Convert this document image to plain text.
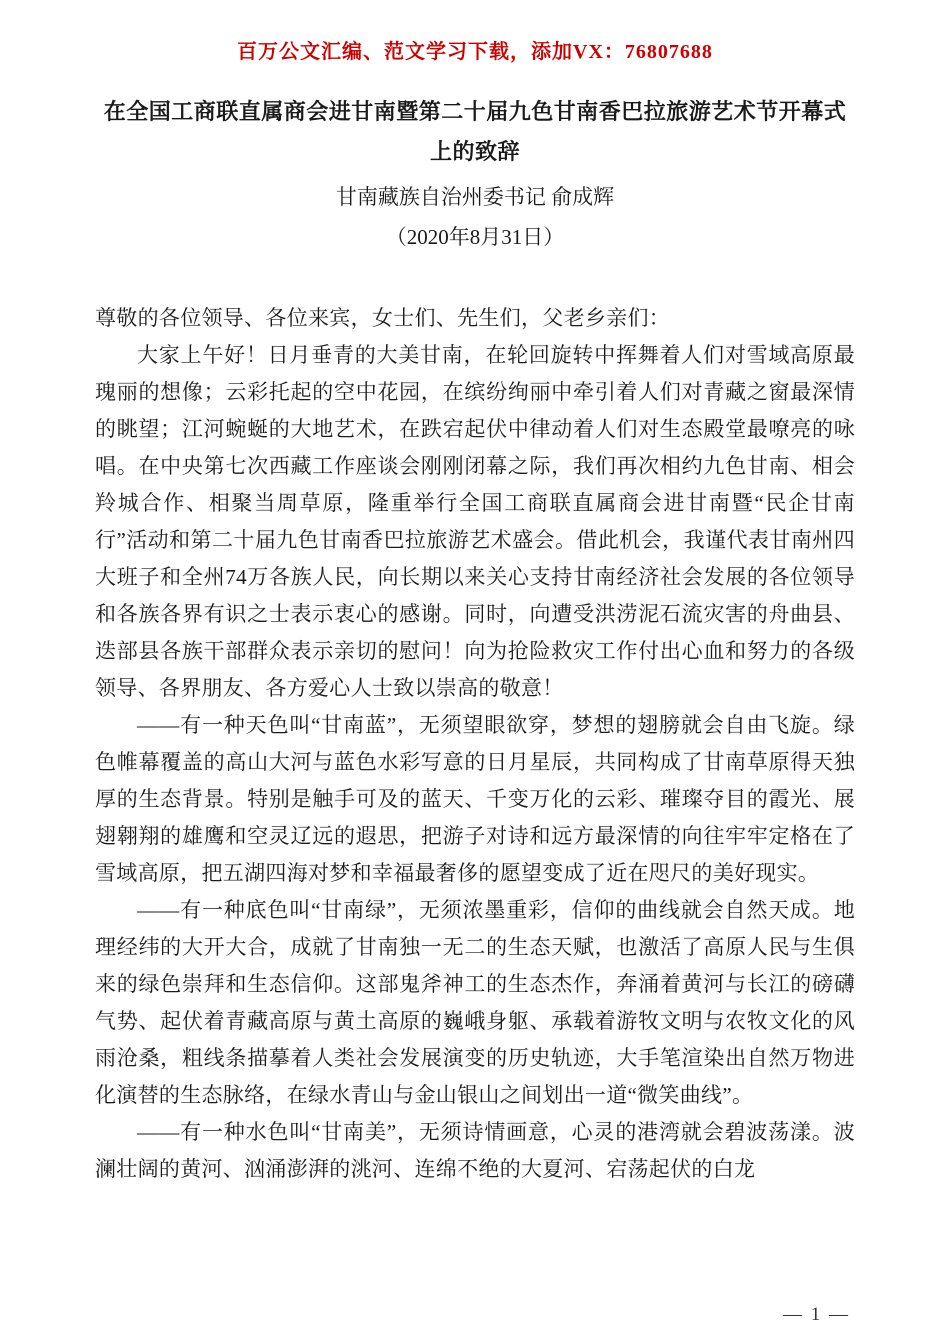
百万公文汇编、范文学习下载，添加VX：76807688
在全国工商联直属商会进甘南暨第二十届九色甘南香巴拉旅游艺术节开幕式上的致辞
甘南藏族自治州委书记 俞成辉
（2020年8月31日）

尊敬的各位领导、各位来宾，女士们、先生们，父老乡亲们：

大家上午好！日月垂青的大美甘南，在轮回旋转中挥舞着人们对雪域高原最瑰丽的想像；云彩托起的空中花园，在缤纷绚丽中牵引着人们对青藏之窗最深情的眺望；江河蜿蜒的大地艺术，在跌宕起伏中律动着人们对生态殿堂最嘹亮的咏唱。在中央第七次西藏工作座谈会刚刚闭幕之际，我们再次相约九色甘南、相会羚城合作、相聚当周草原，隆重举行全国工商联直属商会进甘南暨“民企甘南行”活动和第二十届九色甘南香巴拉旅游艺术盛会。借此机会，我谨代表甘南州四大班子和全州74万各族人民，向长期以来关心支持甘南经济社会发展的各位领导和各族各界有识之士表示衷心的感谢。同时，向遭受洪涝泥石流灾害的舟曲县、迭部县各族干部群众表示亲切的慰问！向为抢险救灾工作付出心血和努力的各级领导、各界朋友、各方爱心人士致以崇高的敬意！

——有一种天色叫“甘南蓝”，无须望眼欲穿，梦想的翅膀就会自由飞旋。绿色帷幕覆盖的高山大河与蓝色水彩写意的日月星辰，共同构成了甘南草原得天独厚的生态背景。特别是触手可及的蓝天、千变万化的云彩、璀璨夺目的霞光、展翅翱翔的雄鹰和空灵辽远的遐思，把游子对诗和远方最深情的向往牢牢定格在了雪域高原，把五湖四海对梦和幸福最奢侈的愿望变成了近在咫尺的美好现实。

——有一种底色叫“甘南绿”，无须浓墨重彩，信仰的曲线就会自然天成。地理经纬的大开大合，成就了甘南独一无二的生态天赋，也激活了高原人民与生俱来的绿色崇拜和生态信仰。这部鬼斧神工的生态杰作，奔涌着黄河与长江的磅礴气势、起伏着青藏高原与黄土高原的巍峨身躯、承载着游牧文明与农牧文化的风雨沧桑，粗线条描摹着人类社会发展演变的历史轨迹，大手笔渲染出自然万物进化演替的生态脉络，在绿水青山与金山银山之间划出一道“微笑曲线”。

——有一种水色叫“甘南美”，无须诗情画意，心灵的港湾就会碧波荡漾。波澜壮阔的黄河、汹涌澎湃的洮河、连绵不绝的大夏河、宕荡起伏的白龙

— 1 —
